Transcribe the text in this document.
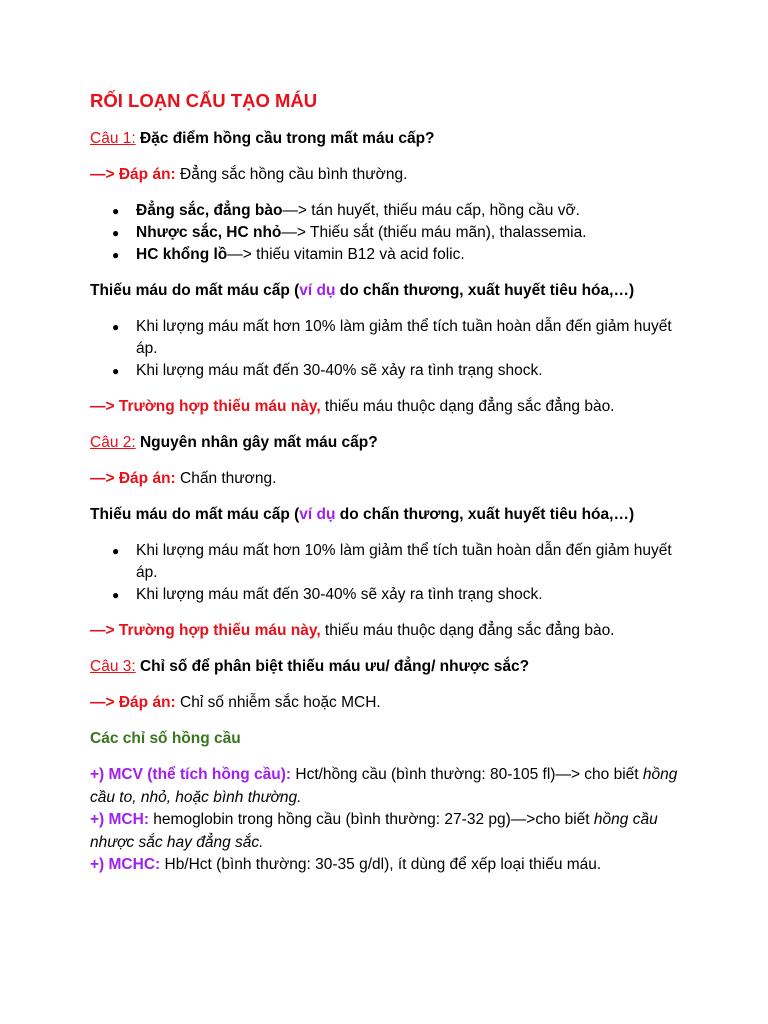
RỐI LOẠN CẤU TẠO MÁU

Câu 1: Đặc điểm hồng cầu trong mất máu cấp?

—> Đáp án: Đẳng sắc hồng cầu bình thường.

● Đẳng sắc, đẳng bào—> tán huyết, thiếu máu cấp, hồng cầu vỡ.
● Nhược sắc, HC nhỏ—> Thiếu sắt (thiếu máu mãn), thalassemia.
● HC khổng lồ—> thiếu vitamin B12 và acid folic.

Thiếu máu do mất máu cấp (ví dụ do chấn thương, xuất huyết tiêu hóa,…)

● Khi lượng máu mất hơn 10% làm giảm thể tích tuần hoàn dẫn đến giảm huyết áp.
● Khi lượng máu mất đến 30-40% sẽ xảy ra tình trạng shock.

—> Trường hợp thiếu máu này, thiếu máu thuộc dạng đẳng sắc đẳng bào.

Câu 2: Nguyên nhân gây mất máu cấp?

—> Đáp án: Chấn thương.

Thiếu máu do mất máu cấp (ví dụ do chấn thương, xuất huyết tiêu hóa,…)

● Khi lượng máu mất hơn 10% làm giảm thể tích tuần hoàn dẫn đến giảm huyết áp.
● Khi lượng máu mất đến 30-40% sẽ xảy ra tình trạng shock.

—> Trường hợp thiếu máu này, thiếu máu thuộc dạng đẳng sắc đẳng bào.

Câu 3: Chỉ số để phân biệt thiếu máu ưu/ đẳng/ nhược sắc?

—> Đáp án: Chỉ số nhiễm sắc hoặc MCH.

Các chỉ số hồng cầu

+) MCV (thể tích hồng cầu): Hct/hồng cầu (bình thường: 80-105 fl)—> cho biết hồng cầu to, nhỏ, hoặc bình thường.
+) MCH: hemoglobin trong hồng cầu (bình thường: 27-32 pg)—>cho biết hồng cầu nhược sắc hay đẳng sắc.
+) MCHC: Hb/Hct (bình thường: 30-35 g/dl), ít dùng để xếp loại thiếu máu.
